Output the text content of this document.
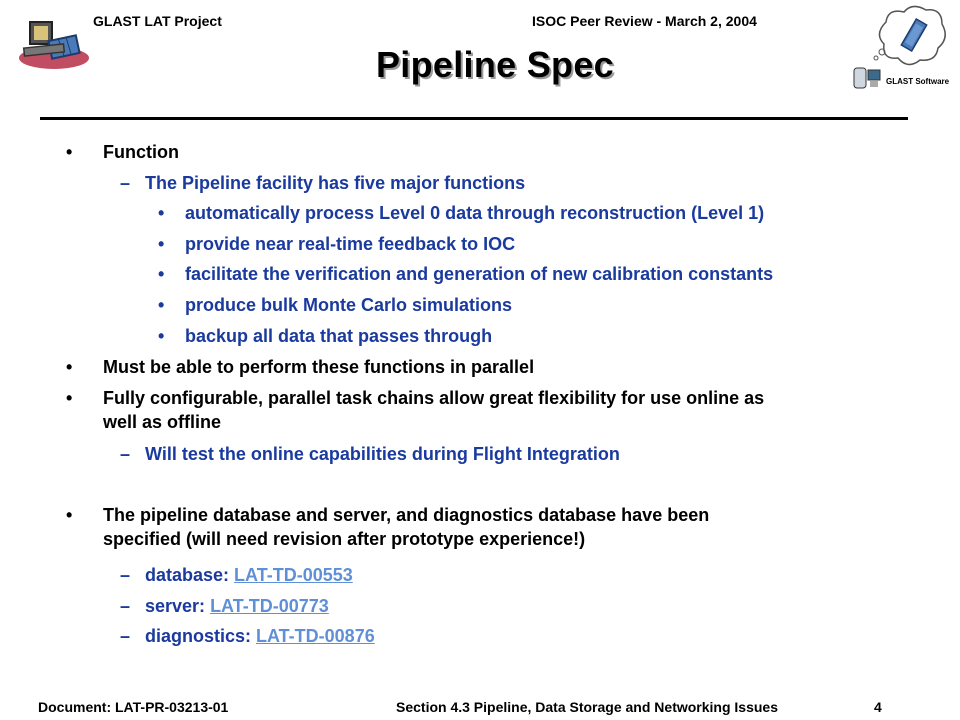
GLAST LAT Project	ISOC Peer Review - March 2, 2004
GLAST Software
Pipeline Spec
• Function
– The Pipeline facility has five major functions
• automatically process Level 0 data through reconstruction (Level 1)
• provide near real-time feedback to IOC
• facilitate the verification and generation of new calibration constants
• produce bulk Monte Carlo simulations
• backup all data that passes through
• Must be able to perform these functions in parallel
• Fully configurable, parallel task chains allow great flexibility for use online as
well as offline
– Will test the online capabilities during Flight Integration
• The pipeline database and server, and diagnostics database have been
specified (will need revision after prototype experience!)
– database: LAT-TD-00553
– server: LAT-TD-00773
– diagnostics: LAT-TD-00876
Document: LAT-PR-03213-01	Section 4.3 Pipeline, Data Storage and Networking Issues	4
